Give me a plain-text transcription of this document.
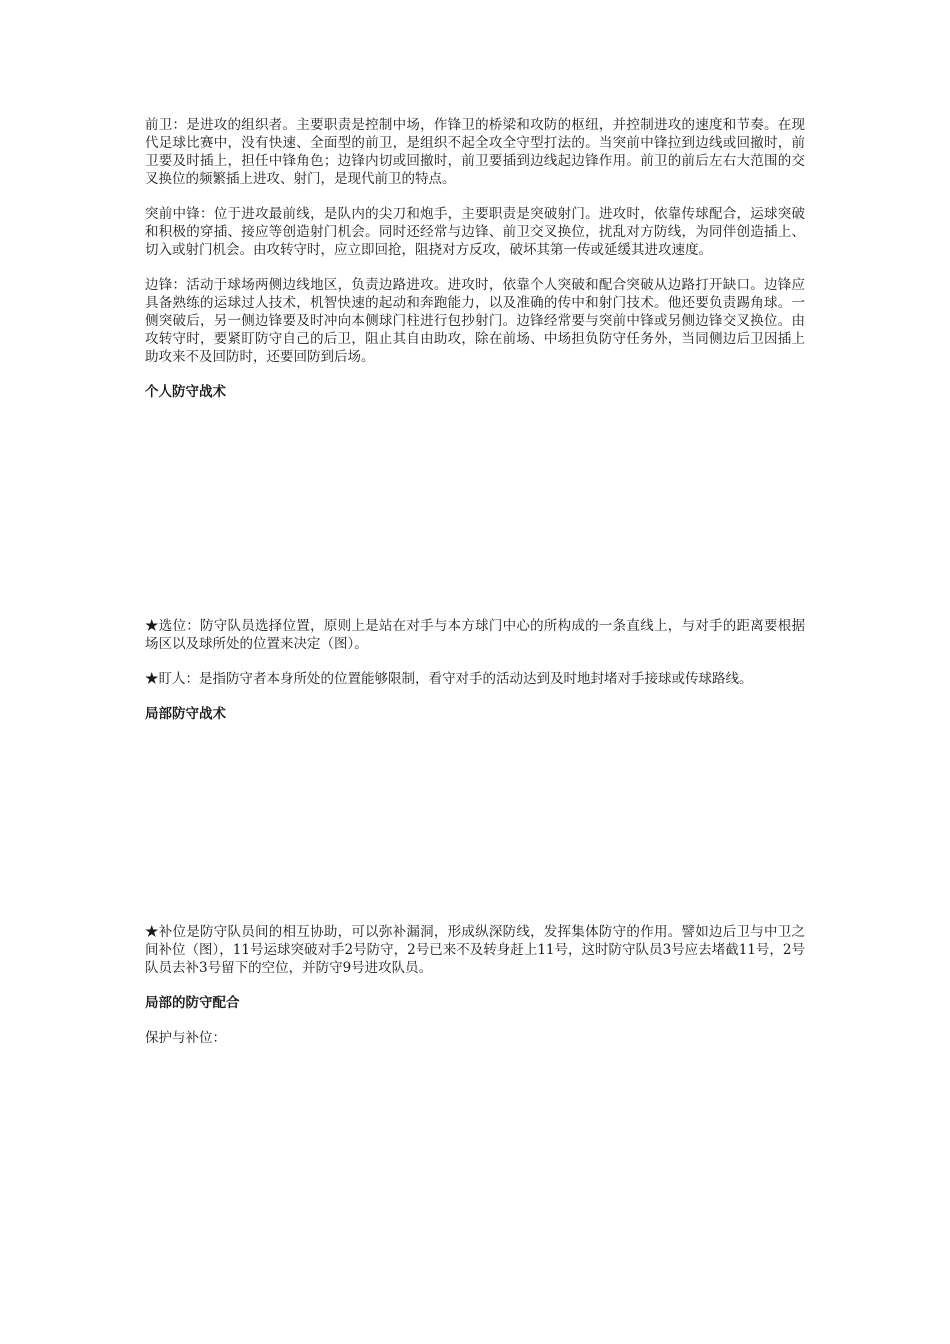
前卫：是进攻的组织者。主要职责是控制中场，作锋卫的桥梁和攻防的枢纽，并控制进攻的速度和节奏。在现代足球比赛中，没有快速、全面型的前卫，是组织不起全攻全守型打法的。当突前中锋拉到边线或回撤时，前卫要及时插上，担任中锋角色；边锋内切或回撤时，前卫要插到边线起边锋作用。前卫的前后左右大范围的交叉换位的频繁插上进攻、射门，是现代前卫的特点。

突前中锋：位于进攻最前线，是队内的尖刀和炮手，主要职责是突破射门。进攻时，依靠传球配合，运球突破和积极的穿插、接应等创造射门机会。同时还经常与边锋、前卫交叉换位，扰乱对方防线，为同伴创造插上、切入或射门机会。由攻转守时，应立即回抢，阻挠对方反攻，破坏其第一传或延缓其进攻速度。

边锋：活动于球场两侧边线地区，负责边路进攻。进攻时，依靠个人突破和配合突破从边路打开缺口。边锋应具备熟练的运球过人技术，机智快速的起动和奔跑能力，以及准确的传中和射门技术。他还要负责踢角球。一侧突破后，另一侧边锋要及时冲向本侧球门柱进行包抄射门。边锋经常要与突前中锋或另侧边锋交叉换位。由攻转守时，要紧盯防守自己的后卫，阻止其自由助攻，除在前场、中场担负防守任务外，当同侧边后卫因插上助攻来不及回防时，还要回防到后场。

个人防守战术

★选位：防守队员选择位置，原则上是站在对手与本方球门中心的所构成的一条直线上，与对手的距离要根据场区以及球所处的位置来决定（图）。

★盯人：是指防守者本身所处的位置能够限制，看守对手的活动达到及时地封堵对手接球或传球路线。

局部防守战术

★补位是防守队员间的相互协助，可以弥补漏洞，形成纵深防线，发挥集体防守的作用。譬如边后卫与中卫之间补位（图），11号运球突破对手2号防守，2号已来不及转身赶上11号，这时防守队员3号应去堵截11号，2号队员去补3号留下的空位，并防守9号进攻队员。

局部的防守配合

保护与补位：
